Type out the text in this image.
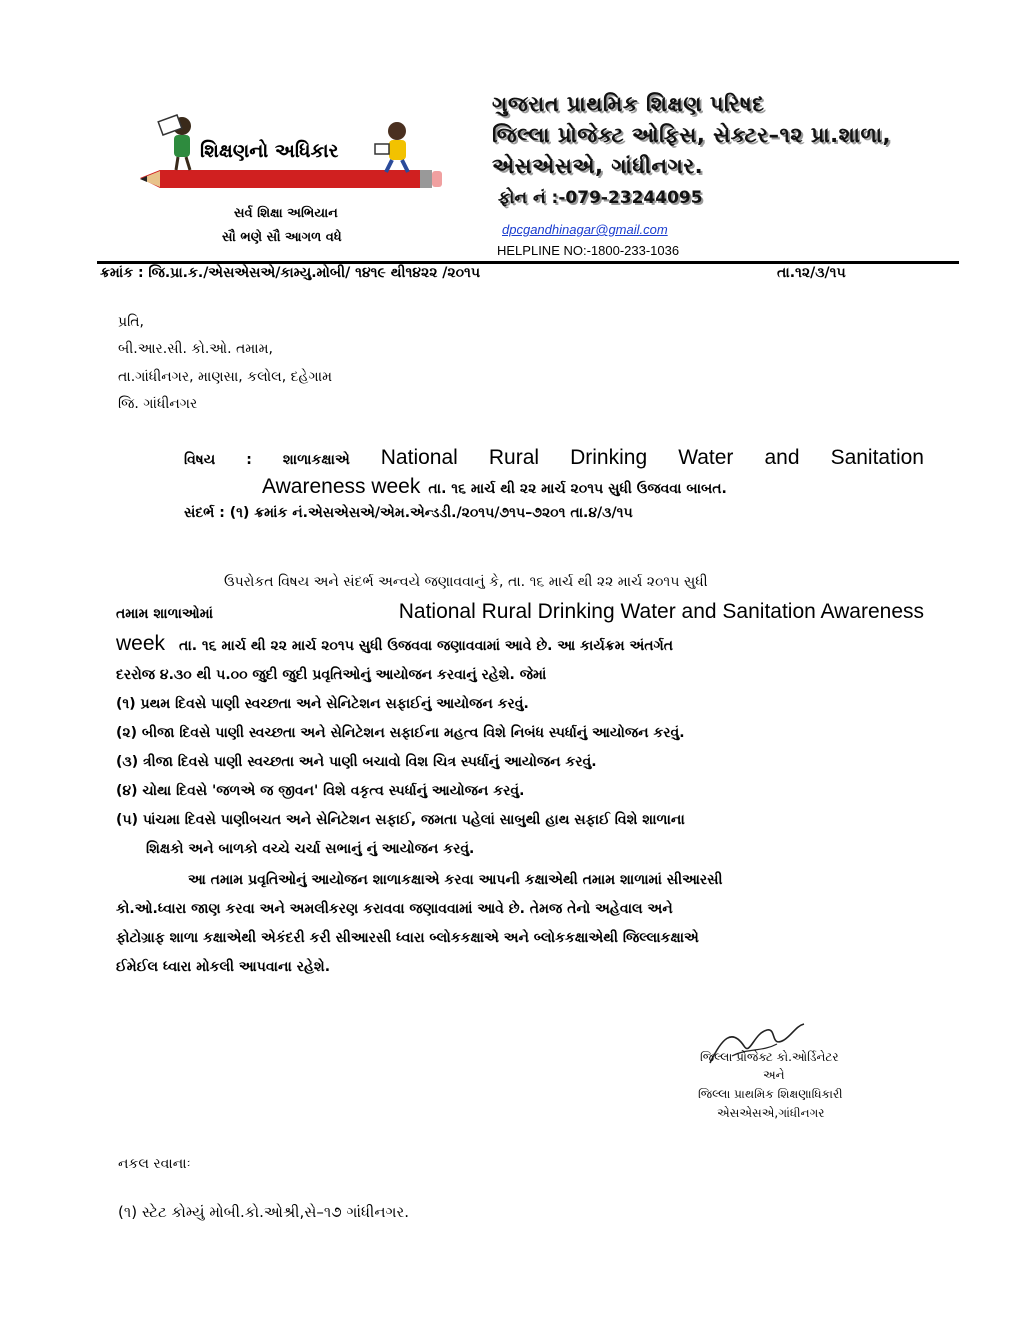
શિક્ષણનો અધિકાર
સર્વ શિક્ષા અભિયાન
સૌ ભણે સૌ આગળ વધે
ગુજરાત પ્રાથમિક શિક્ષણ પરિષદ
જિલ્લા પ્રોજેક્ટ ઓફિસ, સેક્ટર–૧૨ પ્રા.શાળા,
એસએસએ, ગાંધીનગર.
ફોન નં :-079-23244095
dpcgandhinagar@gmail.com
HELPLINE NO:-1800-233-1036
ક્રમાંક : જિ.પ્રા.ક./એસએસએ/કામ્યુ.મોબી/ ૧૪૧૯ થી૧૪૨૨ /૨૦૧૫	તા.૧૨/૩/૧૫
પ્રતિ,
બી.આર.સી. કો.ઓ. તમામ,
તા.ગાંધીનગર, માણસા, કલોલ, દહેગામ
જિ. ગાંધીનગર
વિષય : શાળાકક્ષાએ National Rural Drinking Water and Sanitation
Awareness week તા. ૧૬ માર્ચ થી ૨૨ માર્ચ ૨૦૧૫ સુધી ઉજવવા બાબત.
સંદર્ભ : (૧) ક્રમાંક નં.એસએસએ/એમ.એન્ડડી./૨૦૧૫/૭૧૫–૭૨૦૧ તા.૪/૩/૧૫
ઉપરોકત વિષય અને સંદર્ભ અન્વયે જણાવવાનું કે, તા. ૧૬ માર્ચ થી ૨૨ માર્ચ ૨૦૧૫ સુધી
તમામ શાળાઓમાં	National Rural Drinking Water and Sanitation Awareness
week તા. ૧૬ માર્ચ થી ૨૨ માર્ચ ૨૦૧૫ સુધી ઉજવવા જણાવવામાં આવે છે. આ કાર્યક્રમ અંતર્ગત
દરરોજ ૪.૩૦ થી ૫.૦૦ જુદી જુદી પ્રવૃતિઓનું આયોજન કરવાનું રહેશે. જેમાં
(૧) પ્રથમ દિવસે પાણી સ્વચ્છતા અને સેનિટેશન સફાઈનું આયોજન કરવું.
(૨) બીજા દિવસે પાણી સ્વચ્છતા અને સેનિટેશન સફાઈના મહત્વ વિશે નિબંધ સ્પર્ધાનું આયોજન કરવું.
(૩) ત્રીજા દિવસે પાણી સ્વચ્છતા અને પાણી બચાવો વિશ ચિત્ર સ્પર્ધાનું આયોજન કરવું.
(૪) ચોથા દિવસે 'જળએ જ જીવન' વિશે વકૃત્વ સ્પર્ધાનું આયોજન કરવું.
(૫) પાંચમા દિવસે પાણીબચત અને સેનિટેશન સફાઈ, જમતા પહેલાં સાબુથી હાથ સફાઈ વિશે શાળાના
શિક્ષકો અને બાળકો વચ્ચે ચર્ચા સભાનું નું આયોજન કરવું.
આ તમામ પ્રવૃતિઓનું આયોજન શાળાકક્ષાએ કરવા આપની કક્ષાએથી તમામ શાળામાં સીઆરસી
કો.ઓ.ધ્વારા જાણ કરવા અને અમલીકરણ કરાવવા જણાવવામાં આવે છે. તેમજ તેનો અહેવાલ અને
ફોટોગ્રાફ શાળા કક્ષાએથી એકંદરી કરી સીઆરસી ધ્વારા બ્લોકકક્ષાએ અને બ્લોકકક્ષાએથી જિલ્લાકક્ષાએ
ઈમેઈલ ધ્વારા મોકલી આપવાના રહેશે.
જિલ્લા પ્રોજેક્ટ કો.ઓર્ડિનેટર
અને
જિલ્લા પ્રાથમિક શિક્ષણાધિકારી
એસએસએ,ગાંધીનગર
નકલ રવાનાઃ
(૧) સ્ટેટ કોમ્યું મોબી.કો.ઓશ્રી,સે–૧૭ ગાંધીનગર.
